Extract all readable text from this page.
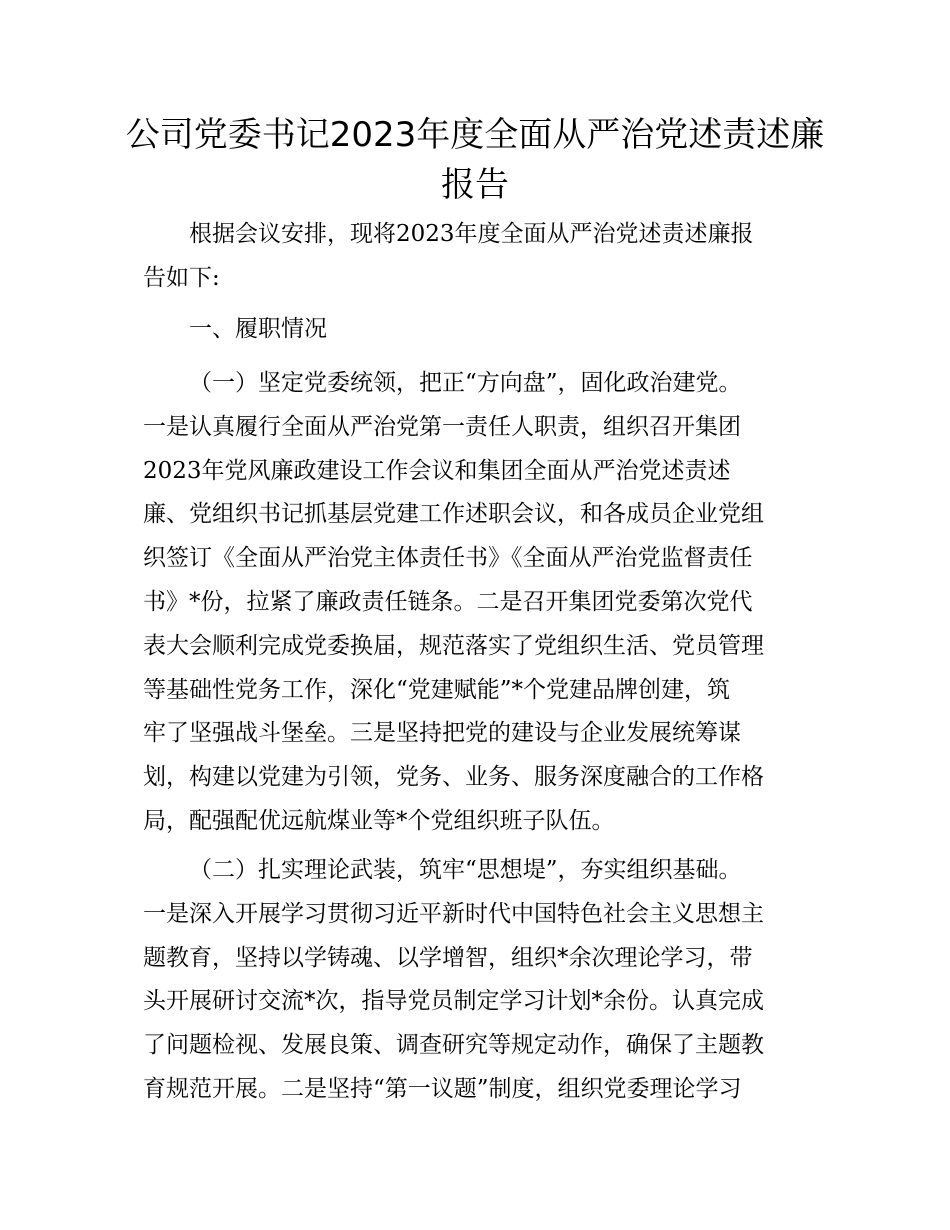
公司党委书记2023年度全面从严治党述责述廉
报告
根据会议安排，现将2023年度全面从严治党述责述廉报
告如下:
一、履职情况
（一）坚定党委统领，把正“方向盘”，固化政治建党。
一是认真履行全面从严治党第一责任人职责，组织召开集团
2023年党风廉政建设工作会议和集团全面从严治党述责述
廉、党组织书记抓基层党建工作述职会议，和各成员企业党组
织签订《全面从严治党主体责任书》《全面从严治党监督责任
书》*份，拉紧了廉政责任链条。二是召开集团党委第次党代
表大会顺利完成党委换届，规范落实了党组织生活、党员管理
等基础性党务工作，深化“党建赋能”*个党建品牌创建，筑
牢了坚强战斗堡垒。三是坚持把党的建设与企业发展统筹谋
划，构建以党建为引领，党务、业务、服务深度融合的工作格
局，配强配优远航煤业等*个党组织班子队伍。
（二）扎实理论武装，筑牢“思想堤”，夯实组织基础。
一是深入开展学习贯彻习近平新时代中国特色社会主义思想主
题教育，坚持以学铸魂、以学增智，组织*余次理论学习，带
头开展研讨交流*次，指导党员制定学习计划*余份。认真完成
了问题检视、发展良策、调查研究等规定动作，确保了主题教
育规范开展。二是坚持“第一议题”制度，组织党委理论学习
